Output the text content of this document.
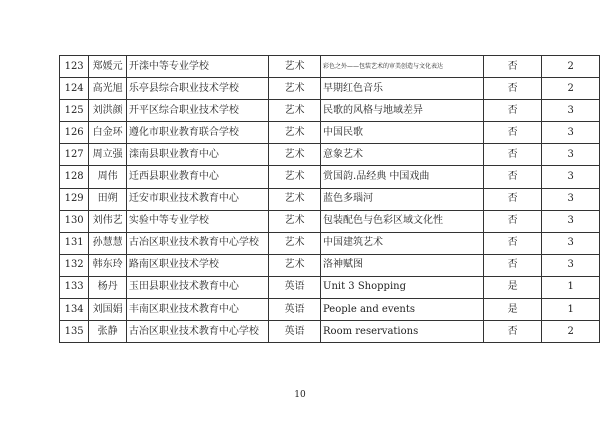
123	郑媛元	开滦中等专业学校	艺术	彩色之外——包装艺术的审美创造与文化表达	否	2
124	高光旭	乐亭县综合职业技术学校	艺术	早期红色音乐	否	2
125	刘洪颜	开平区综合职业技术学校	艺术	民歌的风格与地域差异	否	3
126	白金环	遵化市职业教育联合学校	艺术	中国民歌	否	3
127	周立强	滦南县职业教育中心	艺术	意象艺术	否	3
128	周伟	迁西县职业教育中心	艺术	赏国韵.品经典 中国戏曲	否	3
129	田朔	迁安市职业技术教育中心	艺术	蓝色多瑙河	否	3
130	刘伟艺	实验中等专业学校	艺术	包装配色与色彩区域文化性	否	3
131	孙慧慧	古冶区职业技术教育中心学校	艺术	中国建筑艺术	否	3
132	韩东玲	路南区职业技术学校	艺术	洛神赋图	否	3
133	杨丹	玉田县职业技术教育中心	英语	Unit 3 Shopping	是	1
134	刘国娟	丰南区职业技术教育中心	英语	People and events	是	1
135	张静	古冶区职业技术教育中心学校	英语	Room reservations	否	2
10
